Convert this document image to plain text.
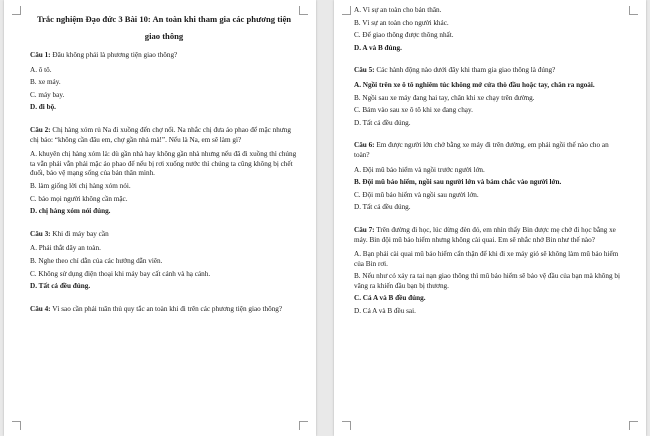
Trắc nghiệm Đạo đức 3 Bài 10: An toàn khi tham gia các phương tiện giao thông
Câu 1: Đâu không phải là phương tiện giao thông?
A. ô tô.
B. xe máy.
C. máy bay.
D. đi bộ.
Câu 2: Chị hàng xóm rủ Na đi xuồng đến chợ nổi. Na nhắc chị đưa áo phao để mặc nhưng chị bảo: “không cần đâu em, chợ gần nhà mà!”. Nếu là Na, em sẽ làm gì?
A. khuyên chị hàng xóm là: dù gần nhà hay không gần nhà nhưng nếu đã đi xuồng thì chúng ta vẫn phải vẫn phải mặc áo phao để nếu bị rơi xuống nước thì chúng ta cũng không bị chết đuối, bảo vệ mạng sống của bản thân mình.
B. làm giống lời chị hàng xóm nói.
C. bảo mọi người không cần mặc.
D. chị hàng xóm nói đúng.
Câu 3: Khi đi máy bay cần
A. Phải thắt dây an toàn.
B. Nghe theo chỉ dẫn của các hướng dẫn viên.
C. Không sử dụng điện thoại khi máy bay cất cánh và hạ cánh.
D. Tất cả đều đúng.
Câu 4: Vì sao cần phải tuân thủ quy tắc an toàn khi đi trên các phương tiện giao thông?
A. Vì sự an toàn cho bản thân.
B. Vì sự an toàn cho người khác.
C. Để giao thông được thông nhất.
D. A và B đúng.
Câu 5: Các hành động nào dưới đây khi tham gia giao thông là đúng?
A. Ngồi trên xe ô tô nghiêm túc không mở cửa thò đầu hoặc tay, chân ra ngoài.
B. Ngồi sau xe máy đang hai tay, chân khi xe chạy trên đường.
C. Bám vào sau xe ô tô khi xe đang chạy.
D. Tất cả đều đúng.
Câu 6: Em được người lớn chở bằng xe máy đi trên đường, em phải ngồi thế nào cho an toàn?
A. Đội mũ bảo hiểm và ngồi trước người lớn.
B. Đội mũ bảo hiểm, ngồi sau người lớn và bám chắc vào người lớn.
C. Đội mũ bảo hiểm và ngồi sau người lớn.
D. Tất cả đều đúng.
Câu 7: Trên đường đi học, lúc dừng đèn đỏ, em nhìn thấy Bin được mẹ chở đi học bằng xe máy. Bin đội mũ bảo hiểm nhưng không cài quai. Em sẽ nhắc nhở Bin như thế nào?
A. Bạn phải cài quai mũ bảo hiểm cẩn thận để khi đi xe máy gió sẽ không làm mũ bảo hiểm của Bin rơi.
B. Nếu như có xảy ra tai nạn giao thông thì mũ bảo hiểm sẽ bảo vệ đầu của bạn mà không bị văng ra khiến đầu bạn bị thương.
C. Cả A và B đều đúng.
D. Cả A và B đều sai.
